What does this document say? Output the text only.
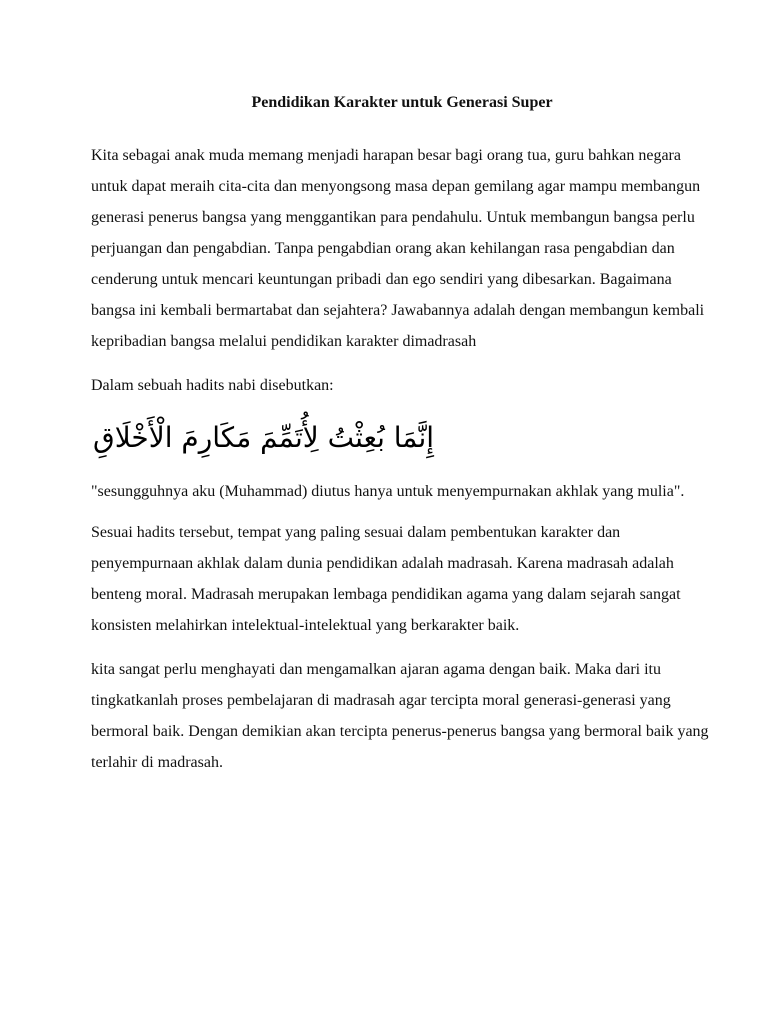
Pendidikan Karakter untuk Generasi Super

Kita sebagai anak muda memang menjadi harapan besar bagi orang tua, guru bahkan negara untuk dapat meraih cita-cita dan menyongsong masa depan gemilang agar mampu membangun generasi penerus bangsa yang menggantikan para pendahulu. Untuk membangun bangsa perlu perjuangan dan pengabdian. Tanpa pengabdian orang akan kehilangan rasa pengabdian dan cenderung untuk mencari keuntungan pribadi dan ego sendiri yang dibesarkan. Bagaimana bangsa ini kembali bermartabat dan sejahtera? Jawabannya adalah dengan membangun kembali kepribadian bangsa melalui pendidikan karakter dimadrasah

Dalam sebuah hadits nabi disebutkan:

إِنَّمَا بُعِثْتُ لِأُتَمِّمَ مَكَارِمَ الْأَخْلَاقِ

"sesungguhnya aku (Muhammad) diutus hanya untuk menyempurnakan akhlak yang mulia".

Sesuai hadits tersebut, tempat yang paling sesuai dalam pembentukan karakter dan penyempurnaan akhlak dalam dunia pendidikan adalah madrasah. Karena madrasah adalah benteng moral. Madrasah merupakan lembaga pendidikan agama yang dalam sejarah sangat konsisten melahirkan intelektual-intelektual yang berkarakter baik.

kita sangat perlu menghayati dan mengamalkan ajaran agama dengan baik. Maka dari itu tingkatkanlah proses pembelajaran di madrasah agar tercipta moral generasi-generasi yang bermoral baik. Dengan demikian akan tercipta penerus-penerus bangsa yang bermoral baik yang terlahir di madrasah.
